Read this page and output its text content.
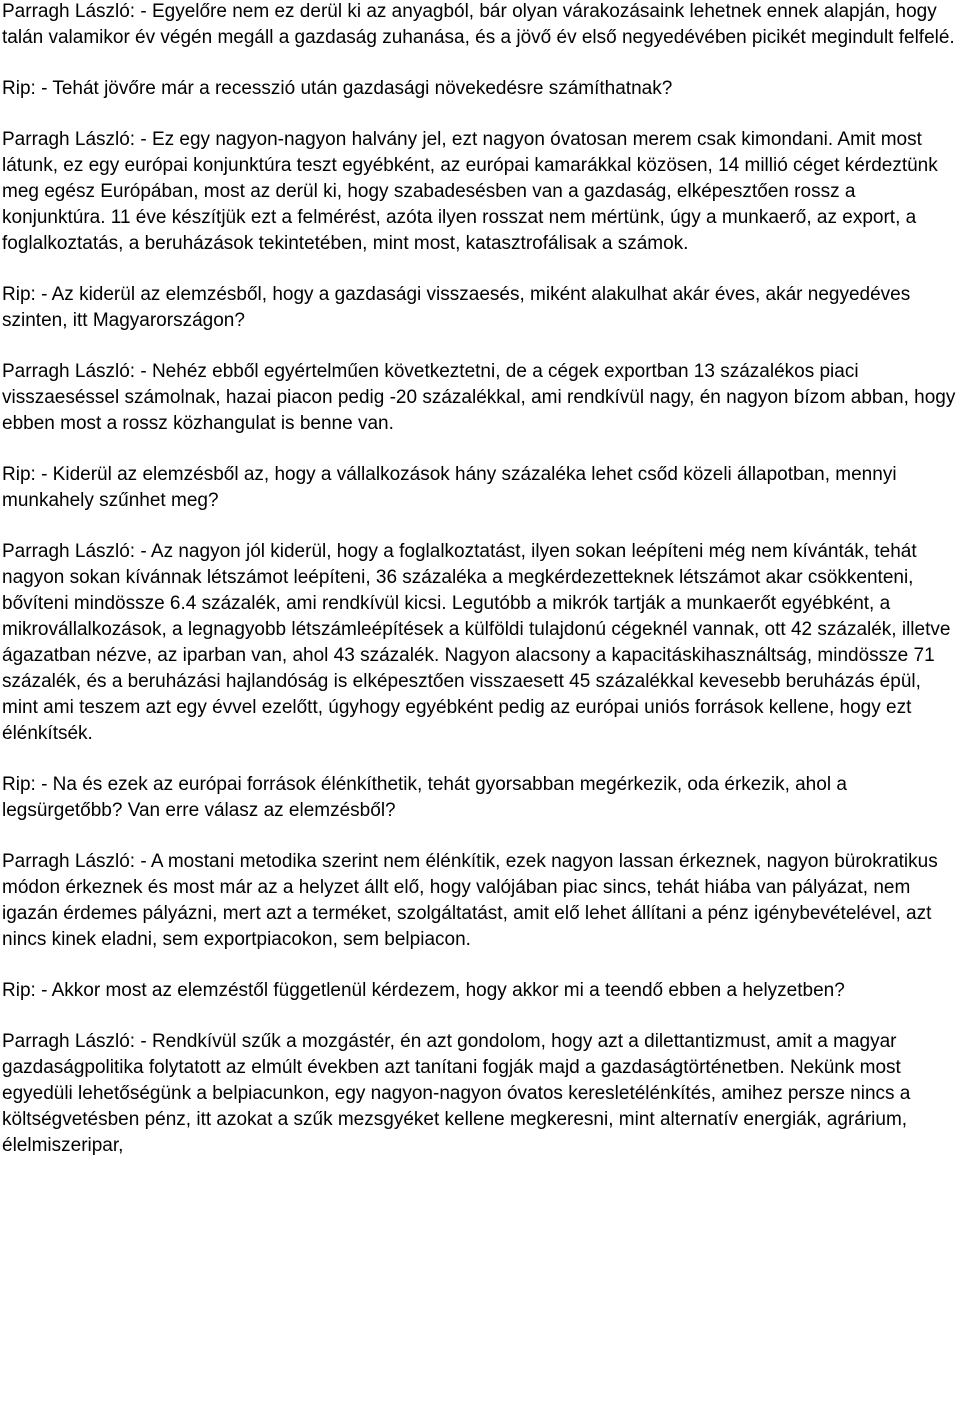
Parragh László: - Egyelőre nem ez derül ki az anyagból, bár olyan várakozásaink lehetnek ennek alapján, hogy talán valamikor év végén megáll a gazdaság zuhanása, és a jövő év első negyedévében picikét megindult felfelé.

Rip: - Tehát jövőre már a recesszió után gazdasági növekedésre számíthatnak?

Parragh László: - Ez egy nagyon-nagyon halvány jel, ezt nagyon óvatosan merem csak kimondani. Amit most látunk, ez egy európai konjunktúra teszt egyébként, az európai kamarákkal közösen, 14 millió céget kérdeztünk meg egész Európában, most az derül ki, hogy szabadesésben van a gazdaság, elképesztően rossz a konjunktúra. 11 éve készítjük ezt a felmérést, azóta ilyen rosszat nem mértünk, úgy a munkaerő, az export, a foglalkoztatás, a beruházások tekintetében, mint most, katasztrofálisak a számok.

Rip: - Az kiderül az elemzésből, hogy a gazdasági visszaesés, miként alakulhat akár éves, akár negyedéves szinten, itt Magyarországon?

Parragh László: - Nehéz ebből egyértelműen következtetni, de a cégek exportban 13 százalékos piaci visszaeséssel számolnak, hazai piacon pedig -20 százalékkal, ami rendkívül nagy, én nagyon bízom abban, hogy ebben most a rossz közhangulat is benne van.

Rip: - Kiderül az elemzésből az, hogy a vállalkozások hány százaléka lehet csőd közeli állapotban, mennyi munkahely szűnhet meg?

Parragh László: - Az nagyon jól kiderül, hogy a foglalkoztatást, ilyen sokan leépíteni még nem kívánták, tehát nagyon sokan kívánnak létszámot leépíteni, 36 százaléka a megkérdezetteknek létszámot akar csökkenteni, bővíteni mindössze 6.4 százalék, ami rendkívül kicsi. Legutóbb a mikrók tartják a munkaerőt egyébként, a mikrovállalkozások, a legnagyobb létszámleépítések a külföldi tulajdonú cégeknél vannak, ott 42 százalék, illetve ágazatban nézve, az iparban van, ahol 43 százalék. Nagyon alacsony a kapacitáskihasználtság, mindössze 71 százalék, és a beruházási hajlandóság is elképesztően visszaesett 45 százalékkal kevesebb beruházás épül, mint ami teszem azt egy évvel ezelőtt, úgyhogy egyébként pedig az európai uniós források kellene, hogy ezt élénkítsék.

Rip: - Na és ezek az európai források élénkíthetik, tehát gyorsabban megérkezik, oda érkezik, ahol a legsürgetőbb? Van erre válasz az elemzésből?

Parragh László: - A mostani metodika szerint nem élénkítik, ezek nagyon lassan érkeznek, nagyon bürokratikus módon érkeznek és most már az a helyzet állt elő, hogy valójában piac sincs, tehát hiába van pályázat, nem igazán érdemes pályázni, mert azt a terméket, szolgáltatást, amit elő lehet állítani a pénz igénybevételével, azt nincs kinek eladni, sem exportpiacokon, sem belpiacon.

Rip: - Akkor most az elemzéstől függetlenül kérdezem, hogy akkor mi a teendő ebben a helyzetben?

Parragh László: - Rendkívül szűk a mozgástér, én azt gondolom, hogy azt a dilettantizmust, amit a magyar gazdaságpolitika folytatott az elmúlt években azt tanítani fogják majd a gazdaságtörténetben. Nekünk most egyedüli lehetőségünk a belpiacunkon, egy nagyon-nagyon óvatos keresletélénkítés, amihez persze nincs a költségvetésben pénz, itt azokat a szűk mezsgyéket kellene megkeresni, mint alternatív energiák, agrárium, élelmiszeripar,
